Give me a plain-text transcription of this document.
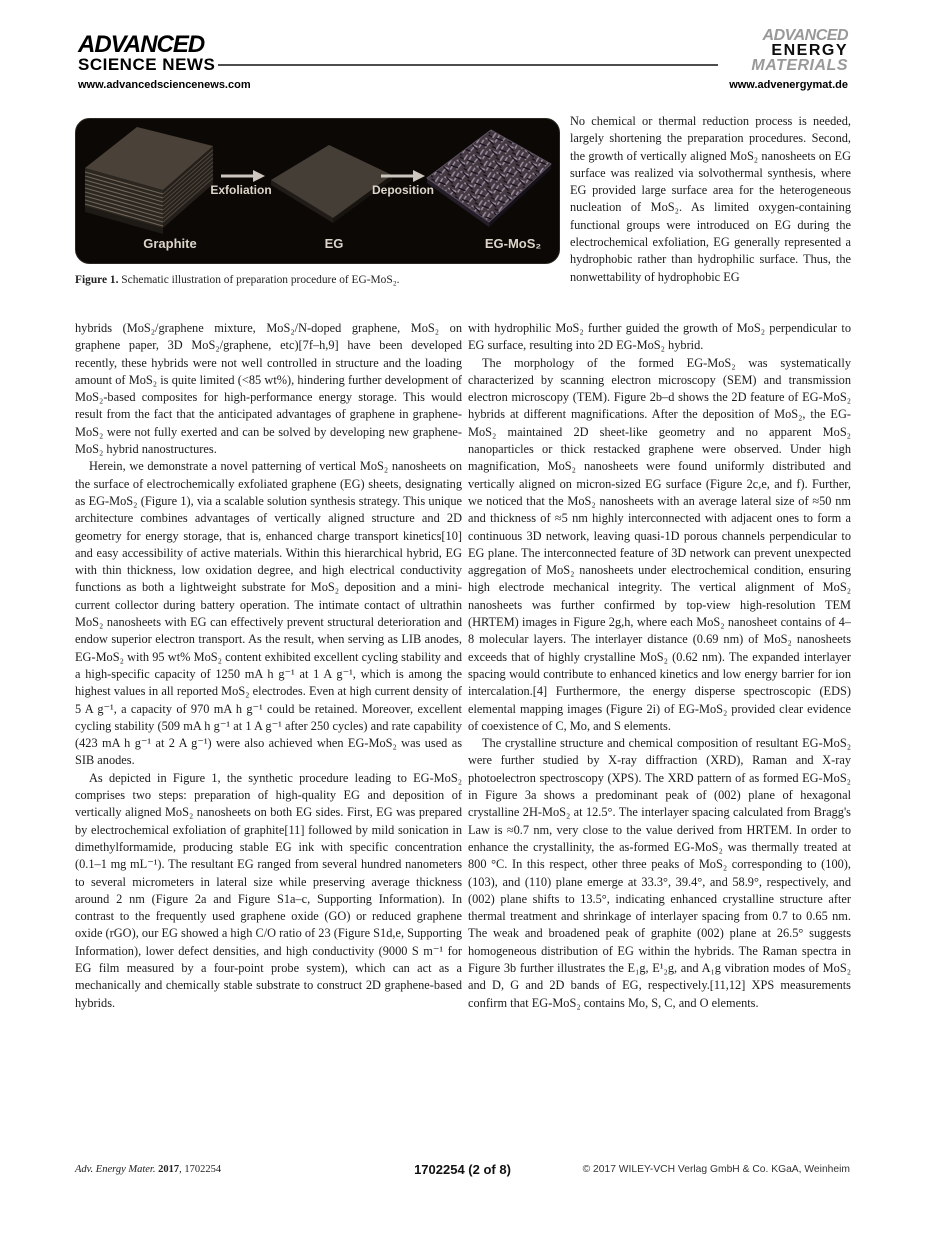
ADVANCED
SCIENCE NEWS
ADVANCED
ENERGY
MATERIALS
www.advancedsciencenews.com	www.advenergymat.de
Exfoliation	Deposition
Graphite	EG	EG-MoS₂
Figure 1. Schematic illustration of preparation procedure of EG-MoS₂.

No chemical or thermal reduction process is needed, largely shortening the preparation procedures. Second, the growth of vertically aligned MoS₂ nanosheets on EG surface was realized via solvothermal synthesis, where EG provided large surface area for the heterogeneous nucleation of MoS₂. As limited oxygen-containing functional groups were introduced on EG during the electrochemical exfoliation, EG generally represented a hydrophobic rather than hydrophilic surface. Thus, the nonwettability of hydrophobic EG

hybrids (MoS₂/graphene mixture, MoS₂/N-doped graphene, MoS₂ on graphene paper, 3D MoS₂/graphene, etc)[7f–h,9] have been developed recently, these hybrids were not well controlled in structure and the loading amount of MoS₂ is quite limited (<85 wt%), hindering further development of MoS₂-based composites for high-performance energy storage. This would result from the fact that the anticipated advantages of graphene in graphene-MoS₂ were not fully exerted and can be solved by developing new graphene-MoS₂ hybrid nanostructures.

Herein, we demonstrate a novel patterning of vertical MoS₂ nanosheets on the surface of electrochemically exfoliated graphene (EG) sheets, designating as EG-MoS₂ (Figure 1), via a scalable solution synthesis strategy. This unique architecture combines advantages of vertically aligned structure and 2D geometry for energy storage, that is, enhanced charge transport kinetics[10] and easy accessibility of active materials. Within this hierarchical hybrid, EG with thin thickness, low oxidation degree, and high electrical conductivity functions as both a lightweight substrate for MoS₂ deposition and a mini-current collector during battery operation. The intimate contact of ultrathin MoS₂ nanosheets with EG can effectively prevent structural deterioration and endow superior electron transport. As the result, when serving as LIB anodes, EG-MoS₂ with 95 wt% MoS₂ content exhibited excellent cycling stability and a high-specific capacity of 1250 mA h g⁻¹ at 1 A g⁻¹, which is among the highest values in all reported MoS₂ electrodes. Even at high current density of 5 A g⁻¹, a capacity of 970 mA h g⁻¹ could be retained. Moreover, excellent cycling stability (509 mA h g⁻¹ at 1 A g⁻¹ after 250 cycles) and rate capability (423 mA h g⁻¹ at 2 A g⁻¹) were also achieved when EG-MoS₂ was used as SIB anodes.

As depicted in Figure 1, the synthetic procedure leading to EG-MoS₂ comprises two steps: preparation of high-quality EG and deposition of vertically aligned MoS₂ nanosheets on both EG sides. First, EG was prepared by electrochemical exfoliation of graphite[11] followed by mild sonication in dimethylformamide, producing stable EG ink with specific concentration (0.1–1 mg mL⁻¹). The resultant EG ranged from several hundred nanometers to several micrometers in lateral size while preserving average thickness around 2 nm (Figure 2a and Figure S1a–c, Supporting Information). In contrast to the frequently used graphene oxide (GO) or reduced graphene oxide (rGO), our EG showed a high C/O ratio of 23 (Figure S1d,e, Supporting Information), lower defect densities, and high conductivity (9000 S m⁻¹ for EG film measured by a four-point probe system), which can act as a mechanically and chemically stable substrate to construct 2D graphene-based hybrids.

with hydrophilic MoS₂ further guided the growth of MoS₂ perpendicular to EG surface, resulting into 2D EG-MoS₂ hybrid.

The morphology of the formed EG-MoS₂ was systematically characterized by scanning electron microscopy (SEM) and transmission electron microscopy (TEM). Figure 2b–d shows the 2D feature of EG-MoS₂ hybrids at different magnifications. After the deposition of MoS₂, the EG-MoS₂ maintained 2D sheet-like geometry and no apparent MoS₂ nanoparticles or thick restacked graphene were observed. Under high magnification, MoS₂ nanosheets were found uniformly distributed and vertically aligned on micron-sized EG surface (Figure 2c,e, and f). Further, we noticed that the MoS₂ nanosheets with an average lateral size of ≈50 nm and thickness of ≈5 nm highly interconnected with adjacent ones to form a continuous 3D network, leaving quasi-1D porous channels perpendicular to EG plane. The interconnected feature of 3D network can prevent unexpected aggregation of MoS₂ nanosheets under electrochemical condition, ensuring high electrode mechanical integrity. The vertical alignment of MoS₂ nanosheets was further confirmed by top-view high-resolution TEM (HRTEM) images in Figure 2g,h, where each MoS₂ nanosheet contains of 4–8 molecular layers. The interlayer distance (0.69 nm) of MoS₂ nanosheets exceeds that of highly crystalline MoS₂ (0.62 nm). The expanded interlayer spacing would contribute to enhanced kinetics and low energy barrier for ion intercalation.[4] Furthermore, the energy disperse spectroscopic (EDS) elemental mapping images (Figure 2i) of EG-MoS₂ provided clear evidence of coexistence of C, Mo, and S elements.

The crystalline structure and chemical composition of resultant EG-MoS₂ were further studied by X-ray diffraction (XRD), Raman and X-ray photoelectron spectroscopy (XPS). The XRD pattern of as formed EG-MoS₂ in Figure 3a shows a predominant peak of (002) plane of hexagonal crystalline 2H-MoS₂ at 12.5°. The interlayer spacing calculated from Bragg's Law is ≈0.7 nm, very close to the value derived from HRTEM. In order to enhance the crystallinity, the as-formed EG-MoS₂ was thermally treated at 800 °C. In this respect, other three peaks of MoS₂ corresponding to (100), (103), and (110) plane emerge at 33.3°, 39.4°, and 58.9°, respectively, and (002) plane shifts to 13.5°, indicating enhanced crystalline structure after thermal treatment and shrinkage of interlayer spacing from 0.7 to 0.65 nm. The weak and broadened peak of graphite (002) plane at 26.5° suggests homogeneous distribution of EG within the hybrids. The Raman spectra in Figure 3b further illustrates the E₁g, E¹₂g, and A₁g vibration modes of MoS₂ and D, G and 2D bands of EG, respectively.[11,12] XPS measurements confirm that EG-MoS₂ contains Mo, S, C, and O elements.

Adv. Energy Mater. 2017, 1702254	1702254 (2 of 8)	© 2017 WILEY-VCH Verlag GmbH & Co. KGaA, Weinheim
